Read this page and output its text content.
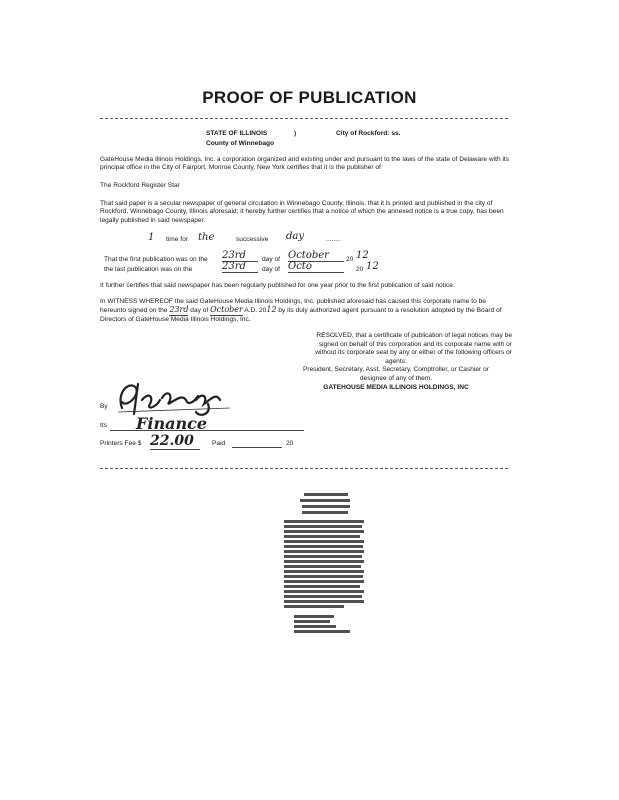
PROOF OF PUBLICATION
STATE OF ILLINOIS	)	City of Rockford: ss.
County of Winnebago
GateHouse Media Illinois Holdings, Inc. a corporation organized and existing under and pursuant to the laws of the state of Delaware with its principal office in the City of Fairport, Monroe County, New York certifies that it is the publisher of
The Rockford Register Star
That said paper is a secular newspaper of general circulation in Winnebago County, Illinois, that it is printed and published in the city of Rockford, Winnebago County, Illinois aforesaid; it hereby further certifies that a notice of which the annexed notice is a true copy, has been legally published in said newspaper.
1 time for the	successive day	........
That the first publication was on the 23rd	day of October	20 12
the last publication was on the	23rd	day of Octo	20 12
It further certifies that said newspaper has been regularly published for one year prior to the first publication of said notice.
In WITNESS WHEREOF the said GateHouse Media Illinois Holdings, Inc. published aforesaid has caused this corporate name to be hereunto signed on the 23rd day of October A.D. 2012 by its duly authorized agent pursuant to a resolution adopted by the Board of Directors of GateHouse Media Illinois Holdings, Inc.
RESOLVED, that a certificate of publication of legal notices may be
signed on behalf of this corporation and its corporate name with or
without its corporate seal by any or either of the following officers or
agents:
President, Secretary, Asst. Secretary, Comptroller, or Cashier or
designee of any of them.
GATEHOUSE MEDIA ILLINOIS HOLDINGS, INC
By
Its Finance
Printers Fee $ 22.00	Paid	20
